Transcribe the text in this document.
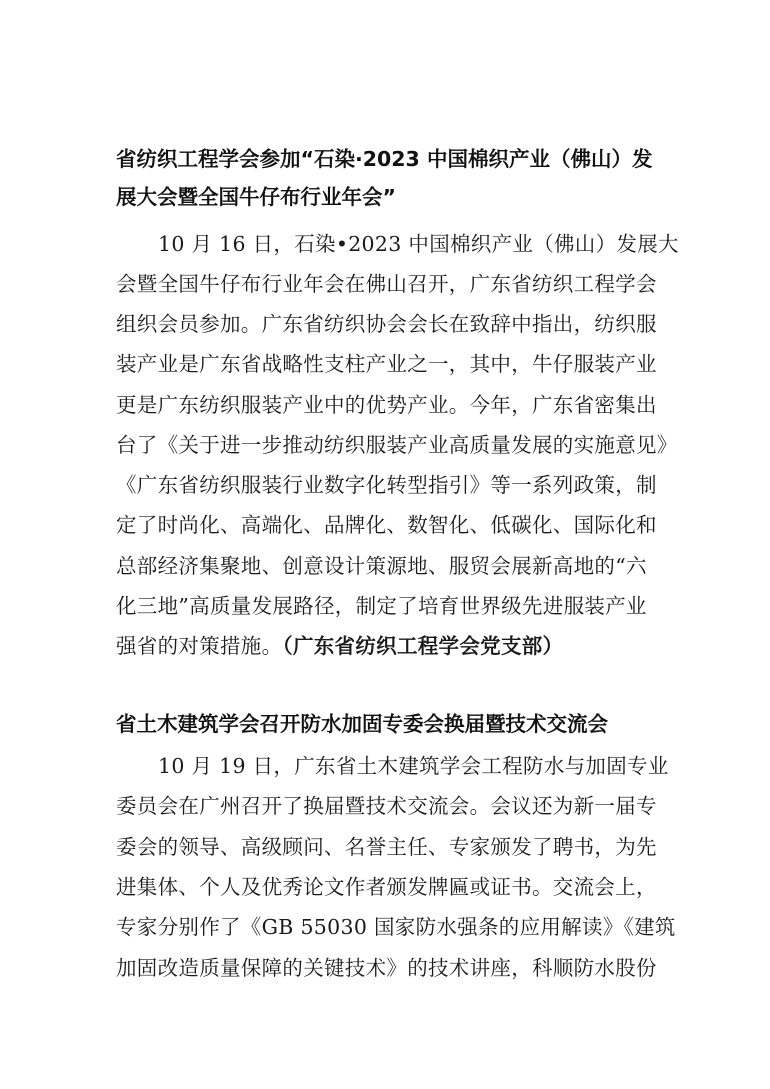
省纺织工程学会参加“石染·2023 中国棉织产业（佛山）发
展大会暨全国牛仔布行业年会”

10 月 16 日，石染•2023 中国棉织产业（佛山）发展大

会暨全国牛仔布行业年会在佛山召开，广东省纺织工程学会

组织会员参加。广东省纺织协会会长在致辞中指出，纺织服

装产业是广东省战略性支柱产业之一，其中，牛仔服装产业

更是广东纺织服装产业中的优势产业。今年，广东省密集出

台了《关于进一步推动纺织服装产业高质量发展的实施意见》

《广东省纺织服装行业数字化转型指引》等一系列政策，制

定了时尚化、高端化、品牌化、数智化、低碳化、国际化和

总部经济集聚地、创意设计策源地、服贸会展新高地的“六

化三地”高质量发展路径，制定了培育世界级先进服装产业

强省的对策措施。（广东省纺织工程学会党支部）

省土木建筑学会召开防水加固专委会换届暨技术交流会

10 月 19 日，广东省土木建筑学会工程防水与加固专业

委员会在广州召开了换届暨技术交流会。会议还为新一届专

委会的领导、高级顾问、名誉主任、专家颁发了聘书，为先

进集体、个人及优秀论文作者颁发牌匾或证书。交流会上，

专家分别作了《GB 55030 国家防水强条的应用解读》《建筑

加固改造质量保障的关键技术》的技术讲座，科顺防水股份
